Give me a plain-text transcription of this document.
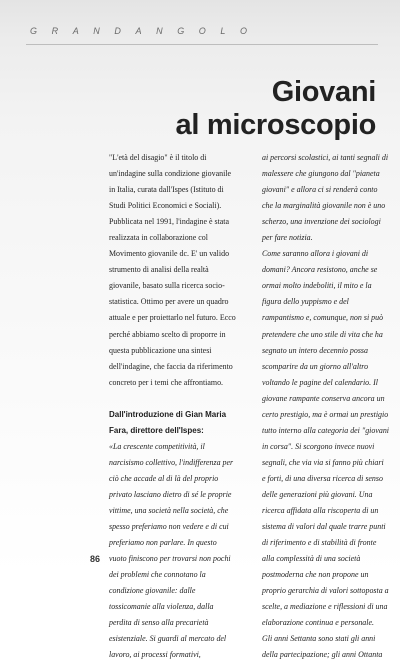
GRANDANGOLO
Giovani
al microscopio

"L'età del disagio" è il titolo di un'indagine sulla condizione giovanile in Italia, curata dall'Ispes (Istituto di Studi Politici Economici e Sociali). Pubblicata nel 1991, l'indagine è stata realizzata in collaborazione col Movimento giovanile dc. E' un valido strumento di analisi della realtà giovanile, basato sulla ricerca socio-statistica. Ottimo per avere un quadro attuale e per proiettarlo nel futuro. Ecco perché abbiamo scelto di proporre in questa pubblicazione una sintesi dell'indagine, che faccia da riferimento concreto per i temi che affrontiamo.

Dall'introduzione di Gian Maria Fara, direttore dell'Ispes:

«La crescente competitività, il narcisismo collettivo, l'indifferenza per ciò che accade al di là del proprio privato lasciano dietro di sé le proprie vittime, una società nella società, che spesso preferiamo non vedere e di cui preferiamo non parlare. In questo vuoto finiscono per trovarsi non pochi dei problemi che connotano la condizione giovanile: dalle tossicomanie alla violenza, dalla perdita di senso alla precarietà esistenziale. Si guardi al mercato del lavoro, ai processi formativi,

ai percorsi scolastici, ai tanti segnali di malessere che giungono dal "pianeta giovani" e allora ci si renderà conto che la marginalità giovanile non è uno scherzo, una invenzione dei sociologi per fare notizia.

Come saranno allora i giovani di domani? Ancora resistono, anche se ormai molto indeboliti, il mito e la figura dello yuppismo e del rampantismo e, comunque, non si può pretendere che uno stile di vita che ha segnato un intero decennio possa scomparire da un giorno all'altro voltando le pagine del calendario. Il giovane rampante conserva ancora un certo prestigio, ma è ormai un prestigio tutto interno alla categoria dei "giovani in corsa". Si scorgono invece nuovi segnali, che via via si fanno più chiari e forti, di una diversa ricerca di senso delle generazioni più giovani. Una ricerca affidata alla riscoperta di un sistema di valori dal quale trarre punti di riferimento e di stabilità di fronte alla complessità di una società postmoderna che non propone un proprio gerarchia di valori sottoposta a scelte, a mediazione e riflessioni di una elaborazione continua e personale.

Gli anni Settanta sono stati gli anni della partecipazione; gli anni Ottanta

86
